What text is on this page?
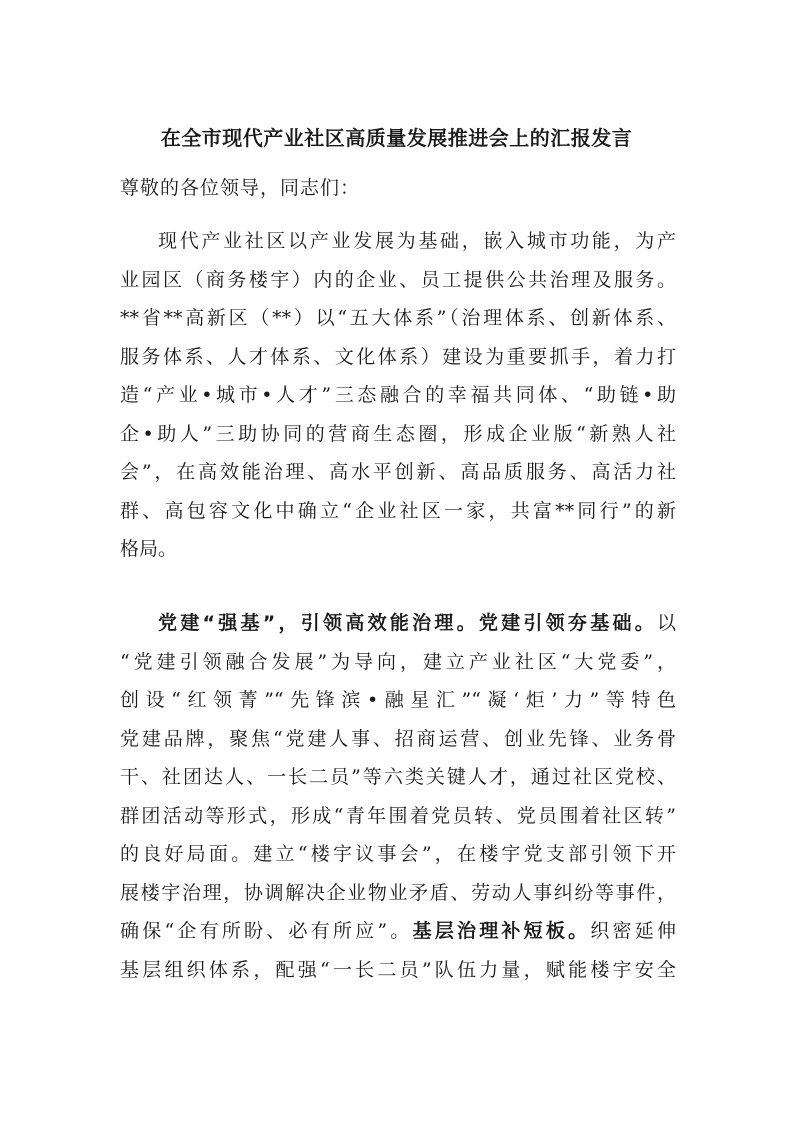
在全市现代产业社区高质量发展推进会上的汇报发言
尊敬的各位领导，同志们：
现代产业社区以产业发展为基础，嵌入城市功能，为产
业园区（商务楼宇）内的企业、员工提供公共治理及服务。
**省**高新区（**）以“五大体系”（治理体系、创新体系、
服务体系、人才体系、文化体系）建设为重要抓手，着力打
造“产业•城市•人才”三态融合的幸福共同体、“助链•助
企•助人”三助协同的营商生态圈，形成企业版“新熟人社
会”，在高效能治理、高水平创新、高品质服务、高活力社
群、高包容文化中确立“企业社区一家，共富**同行”的新
格局。
党建“强基”，引领高效能治理。党建引领夯基础。以
“党建引领融合发展”为导向，建立产业社区“大党委”，
创设“红领菁”“先锋滨•融星汇”“凝‘炬’力”等特色
党建品牌，聚焦“党建人事、招商运营、创业先锋、业务骨
干、社团达人、一长二员”等六类关键人才，通过社区党校、
群团活动等形式，形成“青年围着党员转、党员围着社区转”
的良好局面。建立“楼宇议事会”，在楼宇党支部引领下开
展楼宇治理，协调解决企业物业矛盾、劳动人事纠纷等事件，
确保“企有所盼、必有所应”。基层治理补短板。织密延伸
基层组织体系，配强“一长二员”队伍力量，赋能楼宇安全
